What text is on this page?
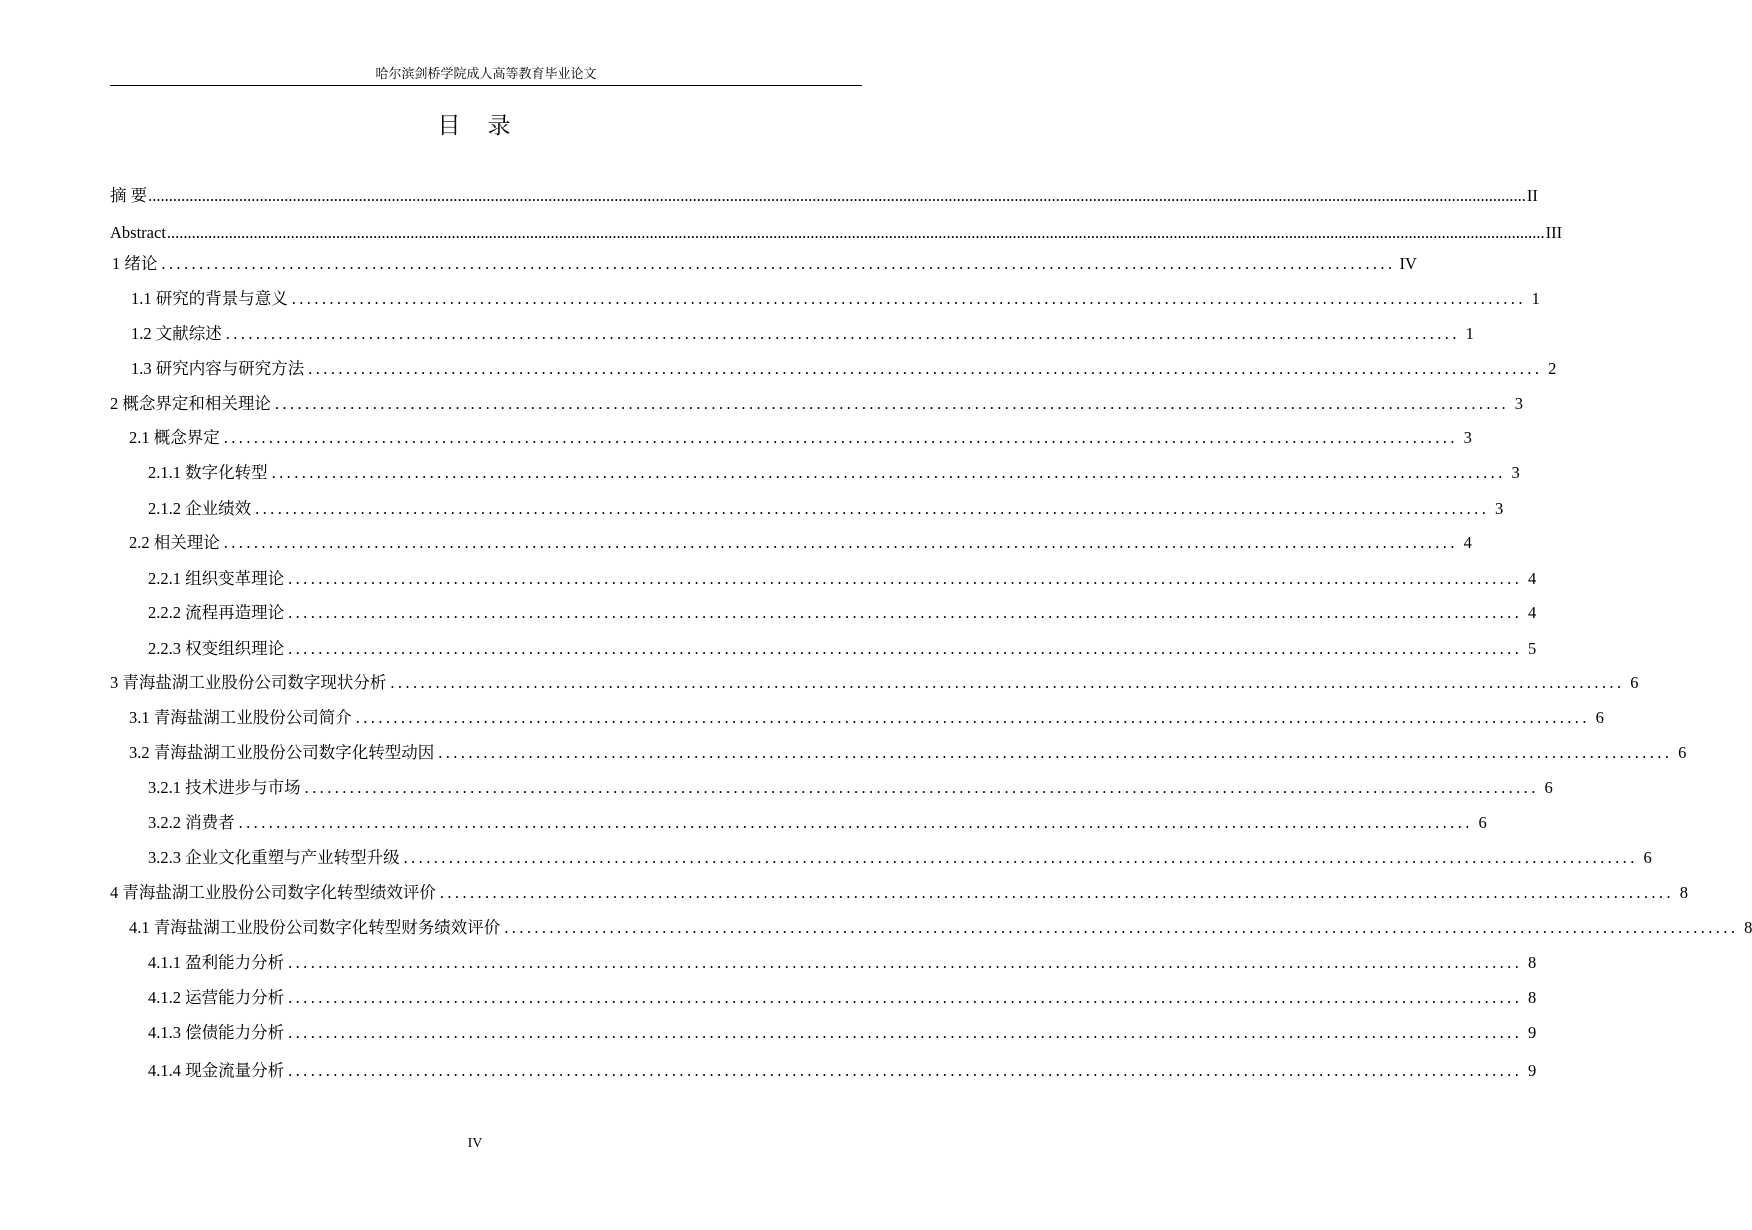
哈尔滨剑桥学院成人高等教育毕业论文
目　录
摘 要 .............................................................................................................................................................................................................................................................................................................................................. II
Abstract .............................................................................................................................................................................................................................................................................................................................................. III
1 绪论 .................................................................................................................................................................... IV
1.1 研究的背景与意义 .................................................................................................................................................................... 1
1.2 文献综述 .................................................................................................................................................................... 1
1.3 研究内容与研究方法 .................................................................................................................................................................... 2
2 概念界定和相关理论 .................................................................................................................................................................... 3
2.1 概念界定 .................................................................................................................................................................... 3
2.1.1 数字化转型 .................................................................................................................................................................... 3
2.1.2 企业绩效 .................................................................................................................................................................... 3
2.2 相关理论 .................................................................................................................................................................... 4
2.2.1 组织变革理论 .................................................................................................................................................................... 4
2.2.2 流程再造理论 .................................................................................................................................................................... 4
2.2.3 权变组织理论 .................................................................................................................................................................... 5
3 青海盐湖工业股份公司数字现状分析 .................................................................................................................................................................... 6
3.1 青海盐湖工业股份公司简介 .................................................................................................................................................................... 6
3.2 青海盐湖工业股份公司数字化转型动因 .................................................................................................................................................................... 6
3.2.1 技术进步与市场 .................................................................................................................................................................... 6
3.2.2 消费者 .................................................................................................................................................................... 6
3.2.3 企业文化重塑与产业转型升级 .................................................................................................................................................................... 6
4 青海盐湖工业股份公司数字化转型绩效评价 .................................................................................................................................................................... 8
4.1 青海盐湖工业股份公司数字化转型财务绩效评价 .................................................................................................................................................................... 8
4.1.1 盈利能力分析 .................................................................................................................................................................... 8
4.1.2 运营能力分析 .................................................................................................................................................................... 8
4.1.3 偿债能力分析 .................................................................................................................................................................... 9
4.1.4 现金流量分析 .................................................................................................................................................................... 9
IV
